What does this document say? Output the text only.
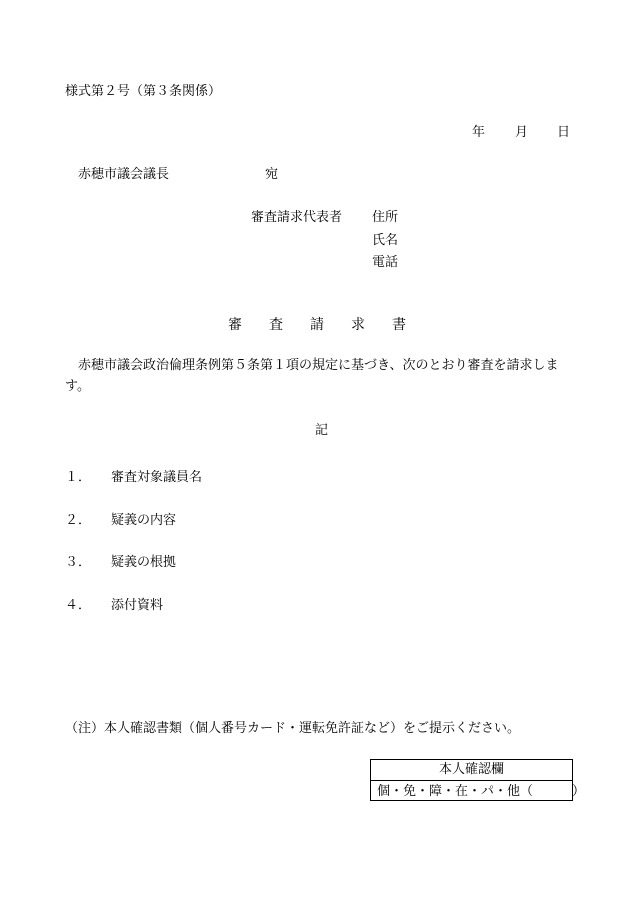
様式第２号（第３条関係）
年 月 日
赤穂市議会議長	宛
審査請求代表者 住所
氏名
電話
審 査 請 求 書
赤穂市議会政治倫理条例第５条第１項の規定に基づき、次のとおり審査を請求します。
記
１． 審査対象議員名
２． 疑義の内容
３． 疑義の根拠
４． 添付資料
（注）本人確認書類（個人番号カード・運転免許証など）をご提示ください。
本人確認欄
個・免・障・在・パ・他（　　　）
